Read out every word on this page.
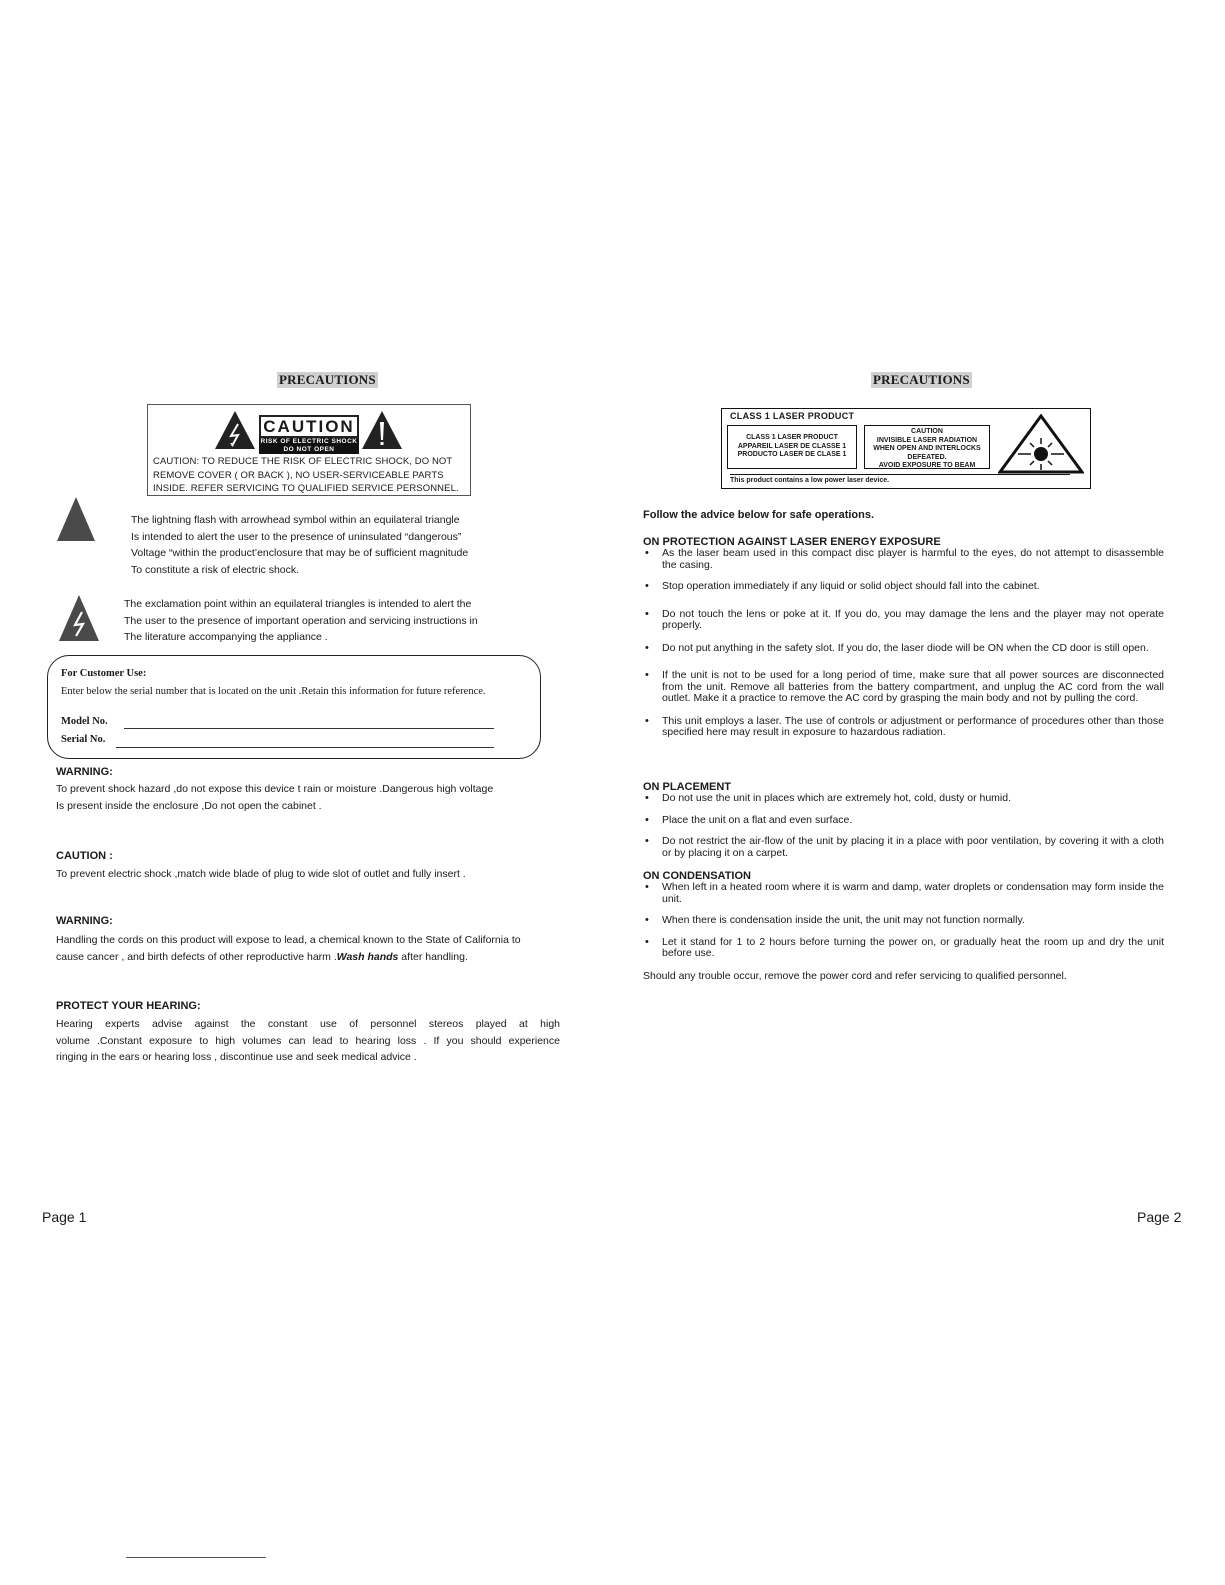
PRECAUTIONS
CAUTION
RISK OF ELECTRIC SHOCK
DO NOT OPEN
CAUTION: TO REDUCE THE RISK OF ELECTRIC SHOCK, DO NOT
REMOVE COVER ( OR BACK ), NO USER-SERVICEABLE PARTS
INSIDE. REFER SERVICING TO QUALIFIED SERVICE PERSONNEL.
The lightning flash with arrowhead symbol within an equilateral triangle
Is intended to alert the user to the presence of uninsulated “dangerous”
Voltage “within the product’enclosure that may be of sufficient magnitude
To constitute a risk of electric shock.
The exclamation point within an equilateral triangles is intended to alert the
The user to the presence of important operation and servicing instructions in
The literature accompanying the appliance .
For Customer Use:
Enter below the serial number that is located on the unit .Retain this information for future reference.
Model No.
Serial No.
WARNING:
To prevent shock hazard ,do not expose this device t rain or moisture .Dangerous high voltage
Is present inside the enclosure ,Do not open the cabinet .
CAUTION :
To prevent electric shock ,match wide blade of plug to wide slot of outlet and fully insert .
WARNING:
Handling the cords on this product will expose to lead, a chemical known to the State of California to
cause cancer , and birth defects of other reproductive harm .Wash hands after handling.
PROTECT YOUR HEARING:
Hearing experts advise against the constant use of personnel stereos played at high
volume .Constant exposure to high volumes can lead to hearing loss . If you should experience
ringing in the ears or hearing loss , discontinue use and seek medical advice .
Page 1
PRECAUTIONS
CLASS 1 LASER PRODUCT
CLASS 1 LASER PRODUCT
APPAREIL LASER DE CLASSE 1
PRODUCTO LASER DE CLASE 1
CAUTION
INVISIBLE LASER RADIATION
WHEN OPEN AND INTERLOCKS
DEFEATED.
AVOID EXPOSURE TO BEAM
This product contains a low power laser device.
Follow the advice below for safe operations.
ON PROTECTION AGAINST LASER ENERGY EXPOSURE
• As the laser beam used in this compact disc player is harmful to the eyes, do not attempt to disassemble the casing.
• Stop operation immediately if any liquid or solid object should fall into the cabinet.
• Do not touch the lens or poke at it. If you do, you may damage the lens and the player may not operate properly.
• Do not put anything in the safety slot. If you do, the laser diode will be ON when the CD door is still open.
• If the unit is not to be used for a long period of time, make sure that all power sources are disconnected from the unit. Remove all batteries from the battery compartment, and unplug the AC cord from the wall outlet. Make it a practice to remove the AC cord by grasping the main body and not by pulling the cord.
• This unit employs a laser. The use of controls or adjustment or performance of procedures other than those specified here may result in exposure to hazardous radiation.
ON PLACEMENT
• Do not use the unit in places which are extremely hot, cold, dusty or humid.
• Place the unit on a flat and even surface.
• Do not restrict the air-flow of the unit by placing it in a place with poor ventilation, by covering it with a cloth or by placing it on a carpet.
ON CONDENSATION
• When left in a heated room where it is warm and damp, water droplets or condensation may form inside the unit.
• When there is condensation inside the unit, the unit may not function normally.
• Let it stand for 1 to 2 hours before turning the power on, or gradually heat the room up and dry the unit before use.
Should any trouble occur, remove the power cord and refer servicing to qualified personnel.
Page 2
